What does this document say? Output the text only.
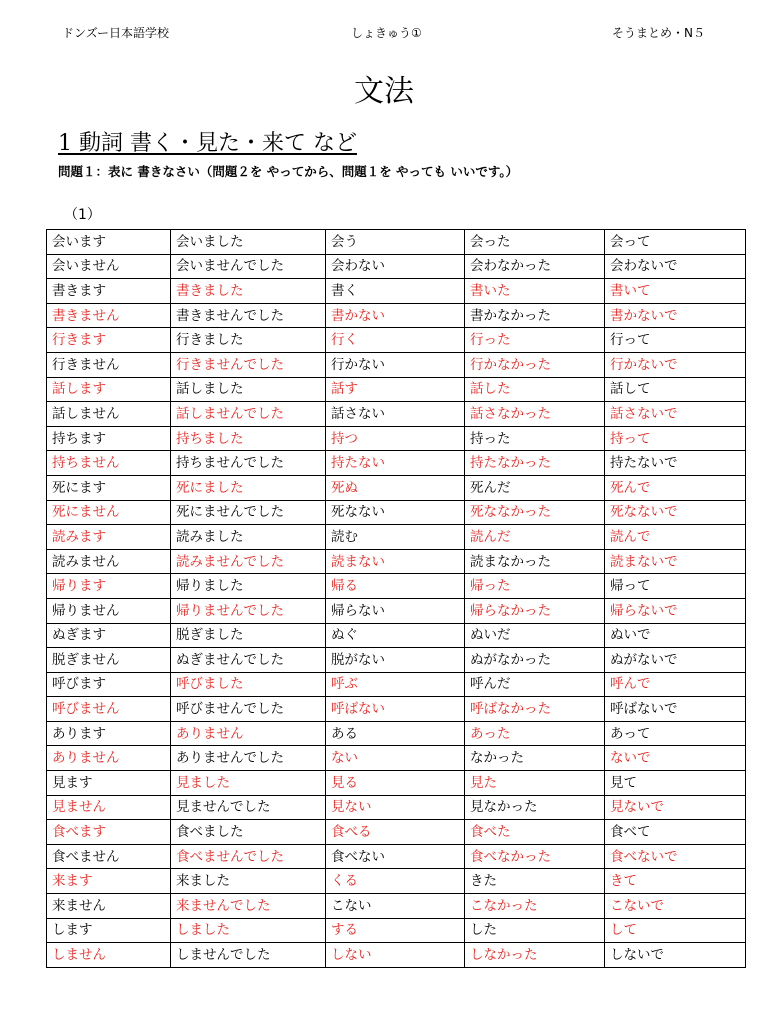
ドンズー日本語学校	しょきゅう①	そうまとめ・N５
文法
1 動詞 書く・見た・来て など
問題１：表に 書きなさい（問題２を やってから、問題１を やっても いいです。）
（1）
会います	会いました	会う	会った	会って
会いません	会いませんでした	会わない	会わなかった	会わないで
書きます	書きました	書く	書いた	書いて
書きません	書きませんでした	書かない	書かなかった	書かないで
行きます	行きました	行く	行った	行って
行きません	行きませんでした	行かない	行かなかった	行かないで
話します	話しました	話す	話した	話して
話しません	話しませんでした	話さない	話さなかった	話さないで
持ちます	持ちました	持つ	持った	持って
持ちません	持ちませんでした	持たない	持たなかった	持たないで
死にます	死にました	死ぬ	死んだ	死んで
死にません	死にませんでした	死なない	死ななかった	死なないで
読みます	読みました	読む	読んだ	読んで
読みません	読みませんでした	読まない	読まなかった	読まないで
帰ります	帰りました	帰る	帰った	帰って
帰りません	帰りませんでした	帰らない	帰らなかった	帰らないで
ぬぎます	脱ぎました	ぬぐ	ぬいだ	ぬいで
脱ぎません	ぬぎませんでした	脱がない	ぬがなかった	ぬがないで
呼びます	呼びました	呼ぶ	呼んだ	呼んで
呼びません	呼びませんでした	呼ばない	呼ばなかった	呼ばないで
あります	ありません	ある	あった	あって
ありません	ありませんでした	ない	なかった	ないで
見ます	見ました	見る	見た	見て
見ません	見ませんでした	見ない	見なかった	見ないで
食べます	食べました	食べる	食べた	食べて
食べません	食べませんでした	食べない	食べなかった	食べないで
来ます	来ました	くる	きた	きて
来ません	来ませんでした	こない	こなかった	こないで
します	しました	する	した	して
しません	しませんでした	しない	しなかった	しないで
